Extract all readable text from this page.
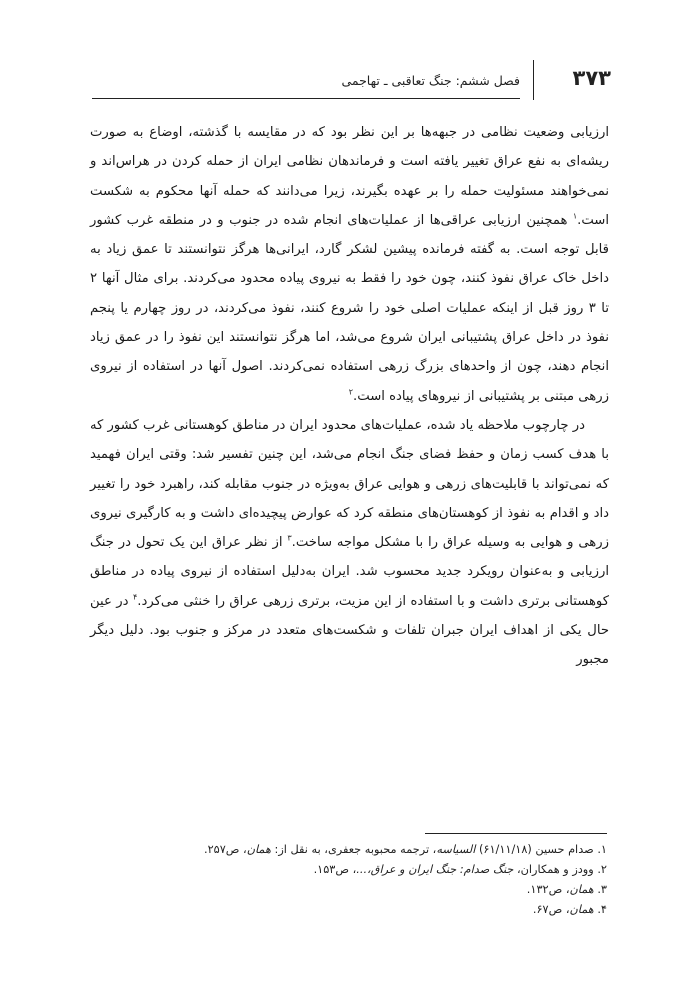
۳۷۳
فصل ششم: جنگ تعاقبی ـ تهاجمی

ارزیابی وضعیت نظامی در جبهه‌ها بر این نظر بود که در مقایسه با گذشته، اوضاع به صورت ریشه‌ای به نفع عراق تغییر یافته است و فرماندهان نظامی ایران از حمله کردن در هراس‌اند و نمی‌خواهند مسئولیت حمله را بر عهده بگیرند، زیرا می‌دانند که حمله آنها محکوم به شکست است.$^۱$ همچنین ارزیابی عراقی‌ها از عملیات‌های انجام شده در جنوب و در منطقه غرب کشور قابل توجه است. به گفته فرمانده پیشین لشکر گارد، ایرانی‌ها هرگز نتوانستند تا عمق زیاد به داخل خاک عراق نفوذ کنند، چون خود را فقط به نیروی پیاده محدود می‌کردند. برای مثال آنها ۲ تا ۳ روز قبل از اینکه عملیات اصلی خود را شروع کنند، نفوذ می‌کردند، در روز چهارم یا پنجم نفوذ در داخل عراق پشتیبانی ایران شروع می‌شد، اما هرگز نتوانستند این نفوذ را در عمق زیاد انجام دهند، چون از واحدهای بزرگ زرهی استفاده نمی‌کردند. اصول آنها در استفاده از نیروی زرهی مبتنی بر پشتیبانی از نیروهای پیاده است.$^۲$

در چارچوب ملاحظه یاد شده، عملیات‌های محدود ایران در مناطق کوهستانی غرب کشور که با هدف کسب زمان و حفظ فضای جنگ انجام می‌شد، این چنین تفسیر شد: وقتی ایران فهمید که نمی‌تواند با قابلیت‌های زرهی و هوایی عراق به‌ویژه در جنوب مقابله کند، راهبرد خود را تغییر داد و اقدام به نفوذ از کوهستان‌های منطقه کرد که عوارض پیچیده‌ای داشت و به کارگیری نیروی زرهی و هوایی به وسیله عراق را با مشکل مواجه ساخت.$^۳$ از نظر عراق این یک تحول در جنگ ارزیابی و به‌عنوان رویکرد جدید محسوب شد. ایران به‌دلیل استفاده از نیروی پیاده در مناطق کوهستانی برتری داشت و با استفاده از این مزیت، برتری زرهی عراق را خنثی می‌کرد.$^۴$ در عین حال یکی از اهداف ایران جبران تلفات و شکست‌های متعدد در مرکز و جنوب بود. دلیل دیگر مجبور

۱. صدام حسین (۶۱/۱۱/۱۸) السیاسه، ترجمه محبوبه جعفری، به نقل از: همان، ص۲۵۷.
۲. وودز و همکاران، جنگ صدام: جنگ ایران و عراق،...، ص۱۵۳.
۳. همان، ص۱۳۲.
۴. همان، ص۶۷.
